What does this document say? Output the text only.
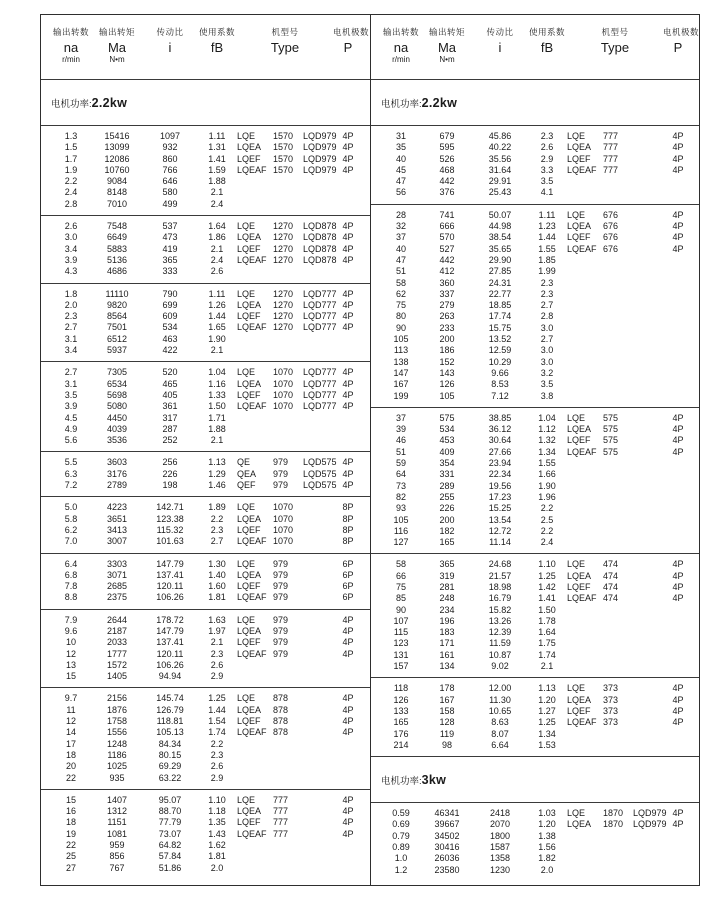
输出转数
na
r/min
输出转矩
Ma
N•m
传动比
i
使用系数
fB
机型号
Type
电机极数
P
电机功率: 2.2kw
1.3	15416	1097	1.11	LQE	1570	LQD979 4P
1.5	13099	932	1.31	LQEA	1570	LQD979 4P
1.7	12086	860	1.41	LQEF	1570	LQD979 4P
1.9	10760	766	1.59	LQEAF 1570	LQD979 4P
2.2	9084	646	1.88
2.4	8148	580	2.1
2.8	7010	499	2.4
2.6	7548	537	1.64	LQE	1270	LQD878 4P
3.0	6649	473	1.86	LQEA	1270	LQD878 4P
3.4	5883	419	2.1	LQEF	1270	LQD878 4P
3.9	5136	365	2.4	LQEAF 1270	LQD878 4P
4.3	4686	333	2.6
1.8	11110	790	1.11	LQE	1270	LQD777 4P
2.0	9820	699	1.26	LQEA	1270	LQD777 4P
2.3	8564	609	1.44	LQEF	1270	LQD777 4P
2.7	7501	534	1.65	LQEAF 1270	LQD777 4P
3.1	6512	463	1.90
3.4	5937	422	2.1
2.7	7305	520	1.04	LQE	1070	LQD777 4P
3.1	6534	465	1.16	LQEA	1070	LQD777 4P
3.5	5698	405	1.33	LQEF	1070	LQD777 4P
3.9	5080	361	1.50	LQEAF 1070	LQD777 4P
4.5	4450	317	1.71
4.9	4039	287	1.88
5.6	3536	252	2.1
5.5	3603	256	1.13	QE	979	LQD575 4P
6.3	3176	226	1.29	QEA	979	LQD575 4P
7.2	2789	198	1.46	QEF	979	LQD575 4P
5.0	4223	142.71	1.89	LQE	1070	8P
5.8	3651	123.38	2.2	LQEA	1070	8P
6.2	3413	115.32	2.3	LQEF	1070	8P
7.0	3007	101.63	2.7	LQEAF 1070	8P
6.4	3303	147.79	1.30	LQE	979	6P
6.8	3071	137.41	1.40	LQEA	979	6P
7.8	2685	120.11	1.60	LQEF	979	6P
8.8	2375	106.26	1.81	LQEAF 979	6P
7.9	2644	178.72	1.63	LQE	979	4P
9.6	2187	147.79	1.97	LQEA	979	4P
10	2033	137.41	2.1	LQEF	979	4P
12	1777	120.11	2.3	LQEAF 979	4P
13	1572	106.26	2.6
15	1405	94.94	2.9
9.7	2156	145.74	1.25	LQE	878	4P
11	1876	126.79	1.44	LQEA	878	4P
12	1758	118.81	1.54	LQEF	878	4P
14	1556	105.13	1.74	LQEAF 878	4P
17	1248	84.34	2.2
18	1186	80.15	2.3
20	1025	69.29	2.6
22	935	63.22	2.9
15	1407	95.07	1.10	LQE	777	4P
16	1312	88.70	1.18	LQEA	777	4P
18	1151	77.79	1.35	LQEF	777	4P
19	1081	73.07	1.43	LQEAF 777	4P
22	959	64.82	1.62
25	856	57.84	1.81
27	767	51.86	2.0
输出转数
na
r/min
输出转矩
Ma
N•m
传动比
i
使用系数
fB
机型号
Type
电机极数
P
电机功率: 2.2kw
31	679	45.86	2.3	LQE	777	4P
35	595	40.22	2.6	LQEA	777	4P
40	526	35.56	2.9	LQEF	777	4P
45	468	31.64	3.3	LQEAF 777	4P
47	442	29.91	3.5
56	376	25.43	4.1
28	741	50.07	1.11	LQE	676	4P
32	666	44.98	1.23	LQEA	676	4P
37	570	38.54	1.44	LQEF	676	4P
40	527	35.65	1.55	LQEAF 676	4P
47	442	29.90	1.85
51	412	27.85	1.99
58	360	24.31	2.3
62	337	22.77	2.3
75	279	18.85	2.7
80	263	17.74	2.8
90	233	15.75	3.0
105	200	13.52	2.7
113	186	12.59	3.0
138	152	10.29	3.0
147	143	9.66	3.2
167	126	8.53	3.5
199	105	7.12	3.8
37	575	38.85	1.04	LQE	575	4P
39	534	36.12	1.12	LQEA	575	4P
46	453	30.64	1.32	LQEF	575	4P
51	409	27.66	1.34	LQEAF 575	4P
59	354	23.94	1.55
64	331	22.34	1.66
73	289	19.56	1.90
82	255	17.23	1.96
93	226	15.25	2.2
105	200	13.54	2.5
116	182	12.72	2.2
127	165	11.14	2.4
58	365	24.68	1.10	LQE	474	4P
66	319	21.57	1.25	LQEA	474	4P
75	281	18.98	1.42	LQEF	474	4P
85	248	16.79	1.41	LQEAF 474	4P
90	234	15.82	1.50
107	196	13.26	1.78
115	183	12.39	1.64
123	171	11.59	1.75
131	161	10.87	1.74
157	134	9.02	2.1
118	178	12.00	1.13	LQE	373	4P
126	167	11.30	1.20	LQEA	373	4P
133	158	10.65	1.27	LQEF	373	4P
165	128	8.63	1.25	LQEAF 373	4P
176	119	8.07	1.34
214	98	6.64	1.53
电机功率: 3kw
0.59	46341	2418	1.03	LQE	1870	LQD979 4P
0.69	39667	2070	1.20	LQEA	1870	LQD979 4P
0.79	34502	1800	1.38
0.89	30416	1587	1.56
1.0	26036	1358	1.82
1.2	23580	1230	2.0
